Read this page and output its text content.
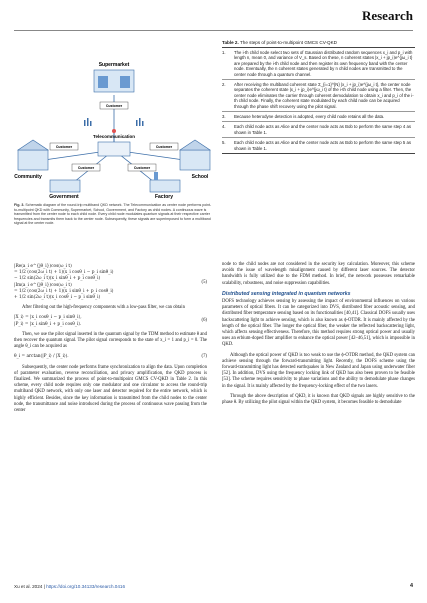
Research
Supermarket
Community	School
Telecommunication
Government	Factory
Customer
Customer	Customer
Customer	Customer
Fig. 3. Schematic diagram of the round-trip multiband QKD network. The Telecommunication as center node performs point-to-multipoint QKD with Community, Supermarket, School, Government, and Factory as child nodes. A continuous wave is transmitted from the center node to each child node. Every child node modulates quantum signals at their respective carrier frequencies and transmits them back to the center node. Subsequently, these signals are superimposed to form a multiband signal at the center node.
Table 2. The steps of point-to-multipoint GMCS CV-QKD
1.	The i-th child node select two sets of Gaussian distributed random sequences x_i and p_i with length n, mean 0, and variance of V_s. Based on these, n coherent states |x_i + jp_i⟩e^{jω_i t} are prepared by the i-th child node and then register its own frequency band with the center node. Eventually, the n coherent states generated by n child nodes are transmitted to the center node through a quantum channel.
2.	After receiving the multiband coherent state Σ_{i=1}^{N} |x_i + jp_i⟩e^{jω_i t}, the center node separates the coherent state |x_i + jp_i⟩e^{jω_i t} of the i-th child node using a filter. Then, the center node eliminates the carrier through coherent demodulation to obtain x_i and p_i of the i-th child node. Finally, the coherent state modulated by each child node can be acquired through the phase shift recovery using the pilot signal.
3.	Because heterodyne detection is adopted, every child node retains all the data.
4.	Each child node acts as Alice and the center node acts as Bob to perform the same step 4 as shown in Table 1.
5.	Each child node acts as Alice and the center node acts as Bob to perform the same step 5 as shown in Table 1.
|Re(a_i e^{jθ_i})cos(ω_i t)
= 1/2 (cos(2ω_i t) + 1)(x_i cosθ_i − p_i sinθ_i)
− 1/2 sin(2ω_i t)(x_i sinθ_i + p_i cosθ_i)
|Im(a_i e^{jθ_i})cos(ω_i t)
= 1/2 (cos(2ω_i t) + 1)(x_i sinθ_i + p_i cosθ_i)
+ 1/2 sin(2ω_i t)(x_i cosθ_i − p_i sinθ_i)
(5)

After filtering out the high-frequency components with a low-pass filter, we can obtain

|X_i⟩ = |x_i cosθ_i − p_i sinθ_i⟩,
|P_i⟩ = |x_i sinθ_i + p_i cosθ_i⟩.
(6)

Then, we use the pilot signal inserted in the quantum signal by the TDM method to estimate θ and then recover the quantum signal. The pilot signal corresponds to the state of x_i = 1 and p_i = 0. The angle θ_i can be acquired as

θ_i = arctan(|P_i⟩ / |X_i⟩).	(7)

Subsequently, the center node performs frame synchronization to align the data. Upon completion of parameter evaluation, reverse reconciliation, and privacy amplification, the QKD process is finalized. We summarized the process of point-to-multipoint GMCS CV-QKD in Table 2. In this scheme, every child node requires only one modulator and one circulator to access the round-trip multiband QKD network, with only one laser and detector required for the entire network, which is highly efficient. Besides, since the key information is transmitted from the child nodes to the center node, the transmittance and noise introduced during the process of continuous wave passing from the center

node to the child nodes are not considered in the security key calculation. Moreover, this scheme avoids the issue of wavelength misalignment caused by different laser sources. The detector bandwidth is fully utilized due to the FDM method. In brief, the network possesses remarkable scalability, robustness, and noise suppression capabilities.

Distributed sensing integrated in quantum networks

DOFS technology achieves sensing by assessing the impact of environmental influences on various parameters of optical fibers. It can be categorized into DVS, distributed fiber acoustic sensing, and distributed fiber temperature sensing based on its functionalities [40,41]. Classical DOFS usually uses backscattering light to achieve sensing, which is also known as ϕ-OTDR. It is mainly affected by the length of the optical fiber. The longer the optical fiber, the weaker the reflected backscattering light, which affects sensing effectiveness. Therefore, this method requires strong optical power and usually uses an erbium-doped fiber amplifier to enhance the optical power [42–46,51], which is impossible in QKD.

Although the optical power of QKD is too weak to use the ϕ-OTDR method, the QKD system can achieve sensing through the forward-transmitting light. Recently, the DOFS scheme using the forward-transmitting light has detected earthquakes in New Zealand and Japan using underwater fiber [52]. In addition, DVS using the frequency locking link of QKD has also been proven to be feasible [53]. The scheme requires sensitivity to phase variations and the ability to demodulate phase changes in the signal. It is mainly affected by the frequency-locking effect of the two lasers.

Through the above description of QKD, it is known that QKD signals are highly sensitive to the phase θ. By utilizing the pilot signal within the QKD system, it becomes feasible to demodulate

Xu et al. 2024 | https://doi.org/10.34133/research.0416	4
